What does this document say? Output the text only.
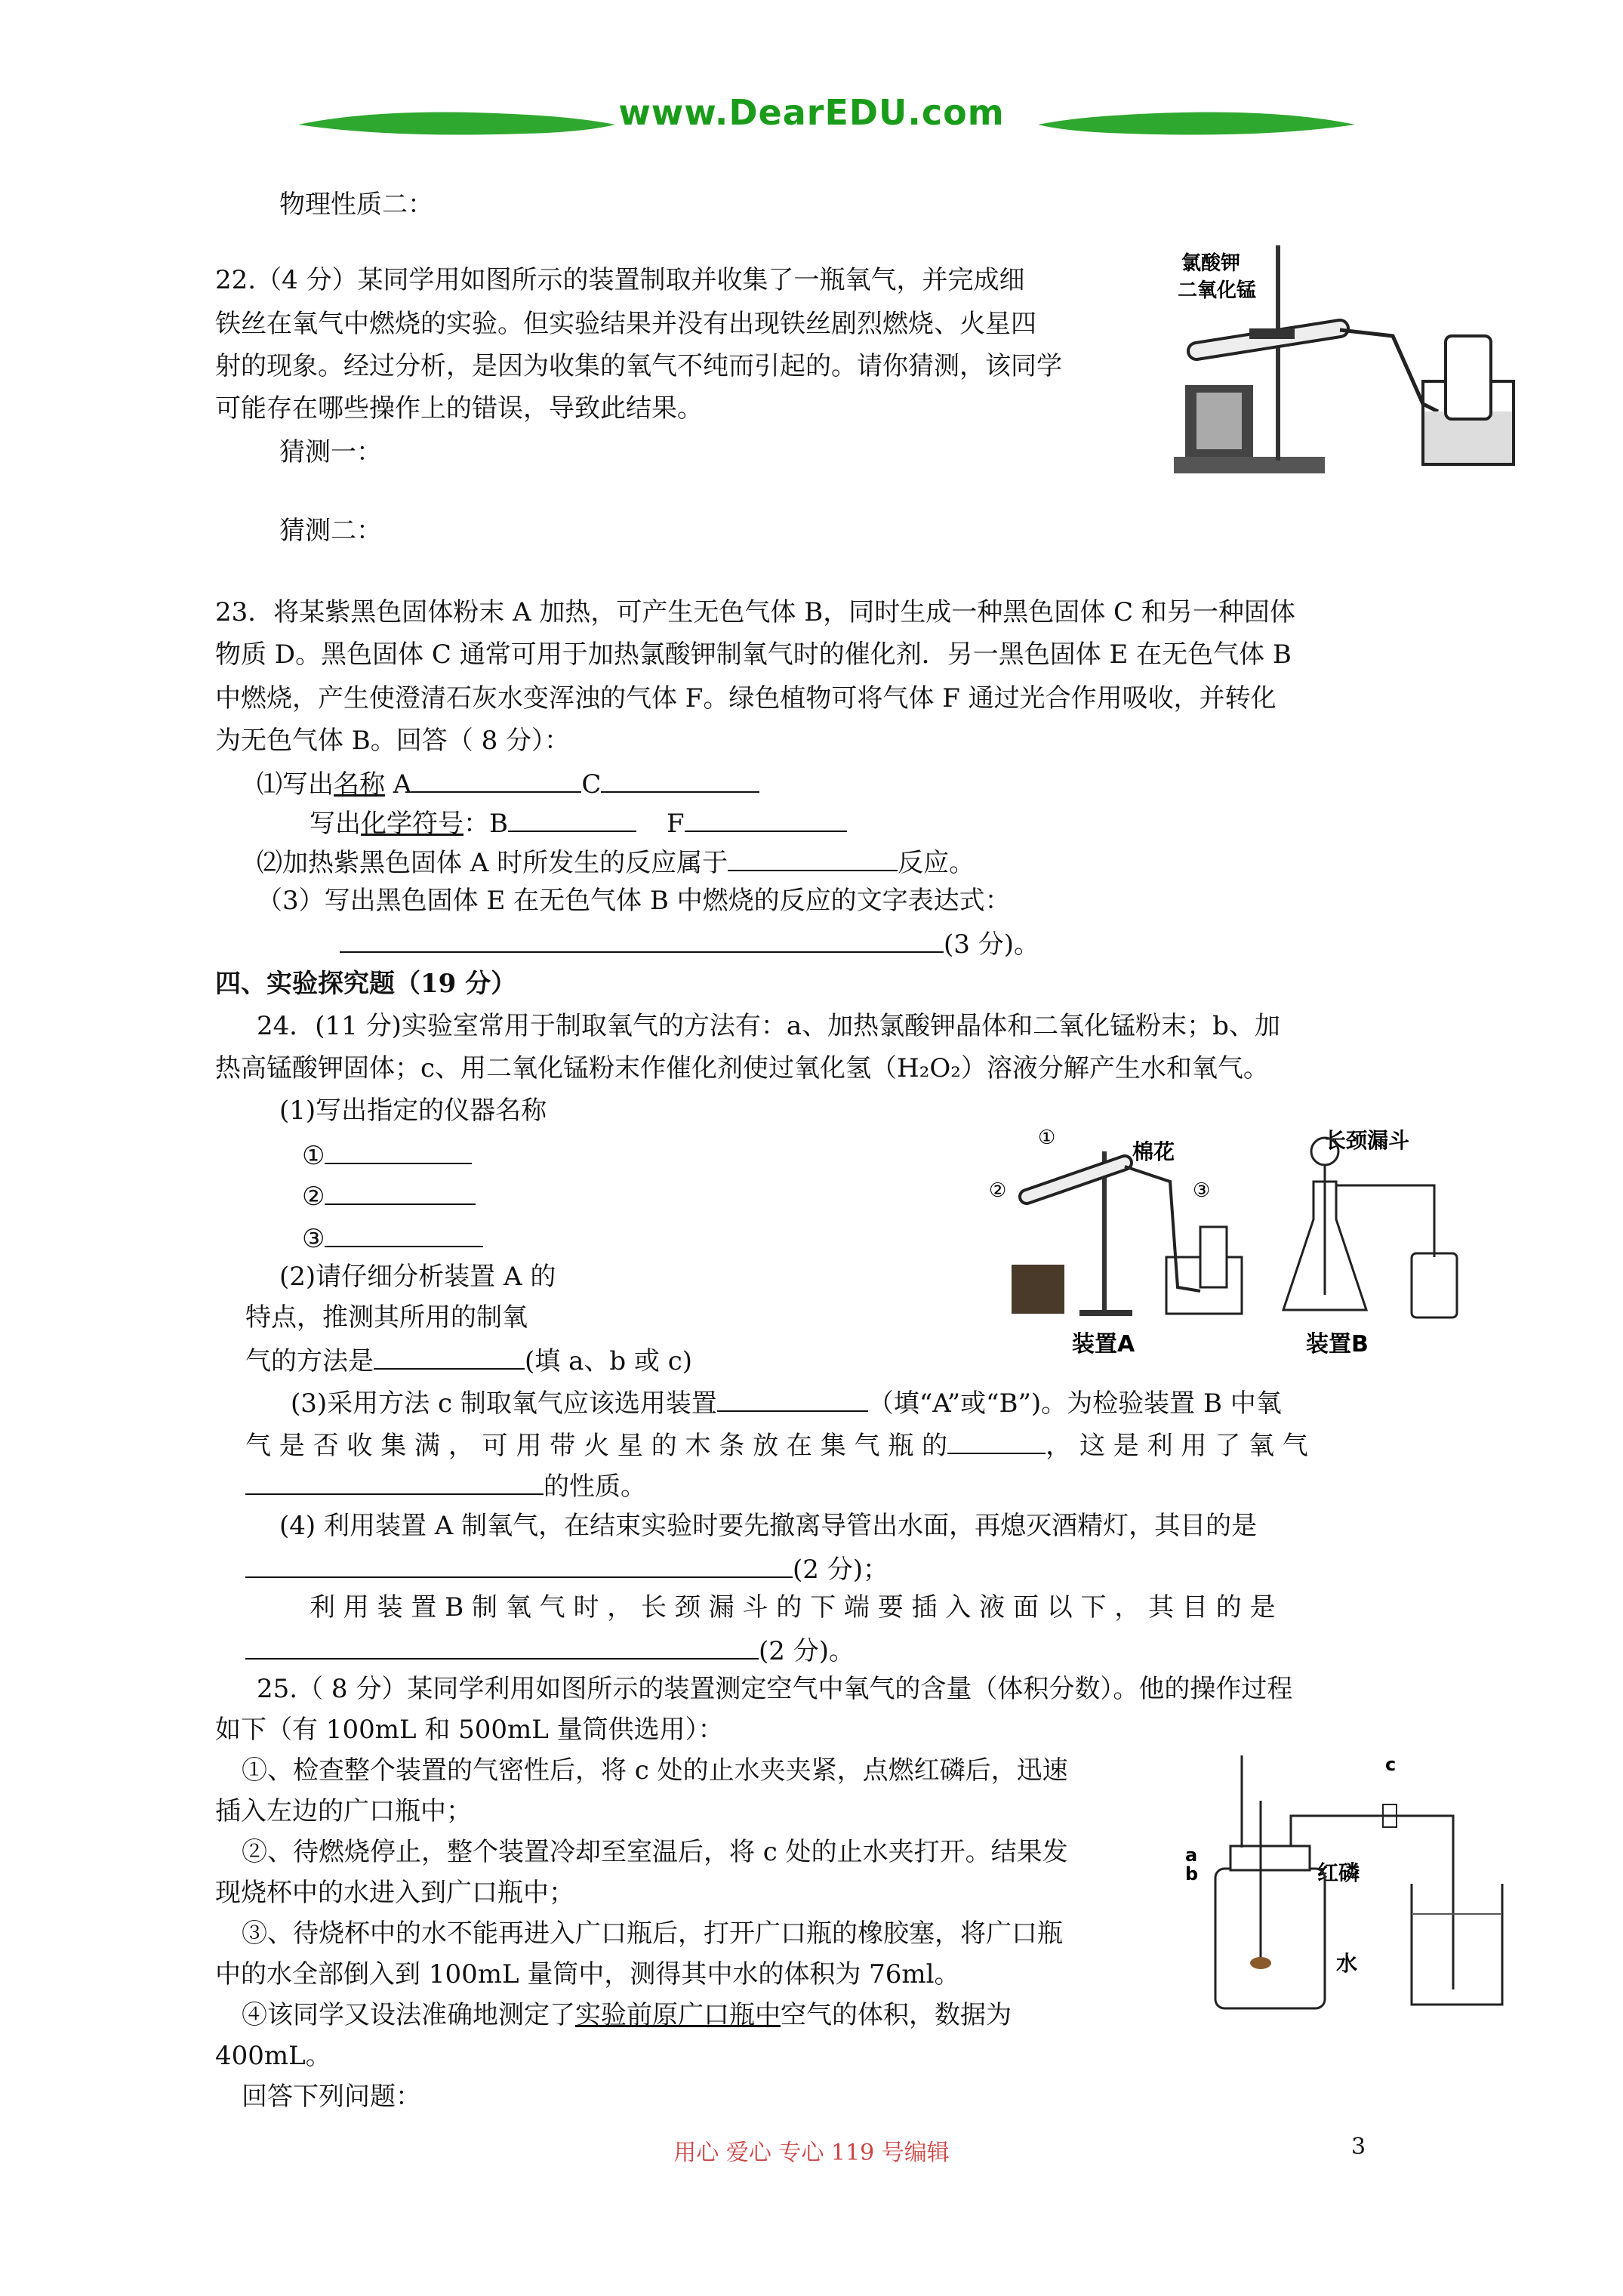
www.DearEDU.com
物理性质二：
22.（4 分）某同学用如图所示的装置制取并收集了一瓶氧气，并完成细
铁丝在氧气中燃烧的实验。但实验结果并没有出现铁丝剧烈燃烧、火星四
射的现象。经过分析，是因为收集的氧气不纯而引起的。请你猜测，该同学
可能存在哪些操作上的错误，导致此结果。
猜测一：
猜测二：
23．将某紫黑色固体粉末 A 加热，可产生无色气体 B，同时生成一种黑色固体 C 和另一种固体
物质 D。黑色固体 C 通常可用于加热氯酸钾制氧气时的催化剂．另一黑色固体 E 在无色气体 B
中燃烧，产生使澄清石灰水变浑浊的气体 F。绿色植物可将气体 F 通过光合作用吸收，并转化
为无色气体 B。回答（ 8 分）：
⑴写出名称 A	C
写出化学符号：B	F
⑵加热紫黑色固体 A 时所发生的反应属于	反应。
（3）写出黑色固体 E 在无色气体 B 中燃烧的反应的文字表达式：
(3 分)。
四、实验探究题（19 分）
24．(11 分)实验室常用于制取氧气的方法有：a、加热氯酸钾晶体和二氧化锰粉末；b、加
热高锰酸钾固体；c、用二氧化锰粉末作催化剂使过氧化氢（H₂O₂）溶液分解产生水和氧气。
(1)写出指定的仪器名称
①
②
③
(2)请仔细分析装置 A 的
特点，推测其所用的制氧
气的方法是	(填 a、b 或 c)
(3)采用方法 c 制取氧气应该选用装置	（填“A”或“B”)。为检验装置 B 中氧
气 是 否 收 集 满 ， 可 用 带 火 星 的 木 条 放 在 集 气 瓶 的	， 这 是 利 用 了 氧 气
的性质。
(4) 利用装置 A 制氧气，在结束实验时要先撤离导管出水面，再熄灭酒精灯，其目的是
(2 分)；
利 用 装 置 B 制 氧 气 时 ， 长 颈 漏 斗 的 下 端 要 插 入 液 面 以 下 ， 其 目 的 是
(2 分)。
25.（ 8 分）某同学利用如图所示的装置测定空气中氧气的含量（体积分数）。他的操作过程
如下（有 100mL 和 500mL 量筒供选用）：
①、检查整个装置的气密性后，将 c 处的止水夹夹紧，点燃红磷后，迅速
插入左边的广口瓶中；
②、待燃烧停止，整个装置冷却至室温后，将 c 处的止水夹打开。结果发
现烧杯中的水进入到广口瓶中；
③、待烧杯中的水不能再进入广口瓶后，打开广口瓶的橡胶塞，将广口瓶
中的水全部倒入到 100mL 量筒中，测得其中水的体积为 76ml。
④该同学又设法准确地测定了实验前原广口瓶中空气的体积，数据为
400mL。
回答下列问题：
氯酸钾
二氧化锰
①
②	③
棉花	长颈漏斗
装置A	装置B
c
a
b	红磷
水
用心 爱心 专心 119 号编辑	3
